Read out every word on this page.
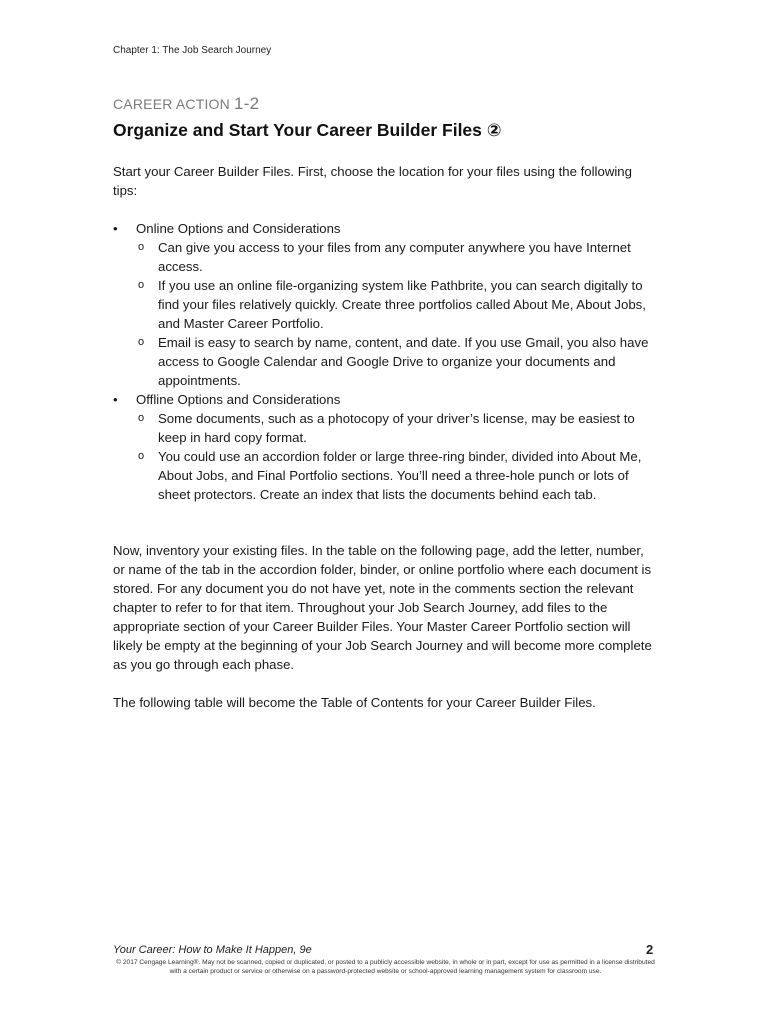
Chapter 1: The Job Search Journey
CAREER ACTION 1-2
Organize and Start Your Career Builder Files ②
Start your Career Builder Files. First, choose the location for your files using the following tips:
• Online Options and Considerations
o Can give you access to your files from any computer anywhere you have Internet access.
o If you use an online file-organizing system like Pathbrite, you can search digitally to find your files relatively quickly. Create three portfolios called About Me, About Jobs, and Master Career Portfolio.
o Email is easy to search by name, content, and date. If you use Gmail, you also have access to Google Calendar and Google Drive to organize your documents and appointments.
• Offline Options and Considerations
o Some documents, such as a photocopy of your driver’s license, may be easiest to keep in hard copy format.
o You could use an accordion folder or large three-ring binder, divided into About Me, About Jobs, and Final Portfolio sections. You’ll need a three-hole punch or lots of sheet protectors. Create an index that lists the documents behind each tab.
Now, inventory your existing files. In the table on the following page, add the letter, number, or name of the tab in the accordion folder, binder, or online portfolio where each document is stored. For any document you do not have yet, note in the comments section the relevant chapter to refer to for that item. Throughout your Job Search Journey, add files to the appropriate section of your Career Builder Files. Your Master Career Portfolio section will likely be empty at the beginning of your Job Search Journey and will become more complete as you go through each phase.
The following table will become the Table of Contents for your Career Builder Files.
Your Career: How to Make It Happen, 9e	2
© 2017 Cengage Learning®. May not be scanned, copied or duplicated, or posted to a publicly accessible website, in whole or in part, except for use as permitted in a license distributed with a certain product or service or otherwise on a password-protected website or school-approved learning management system for classroom use.
